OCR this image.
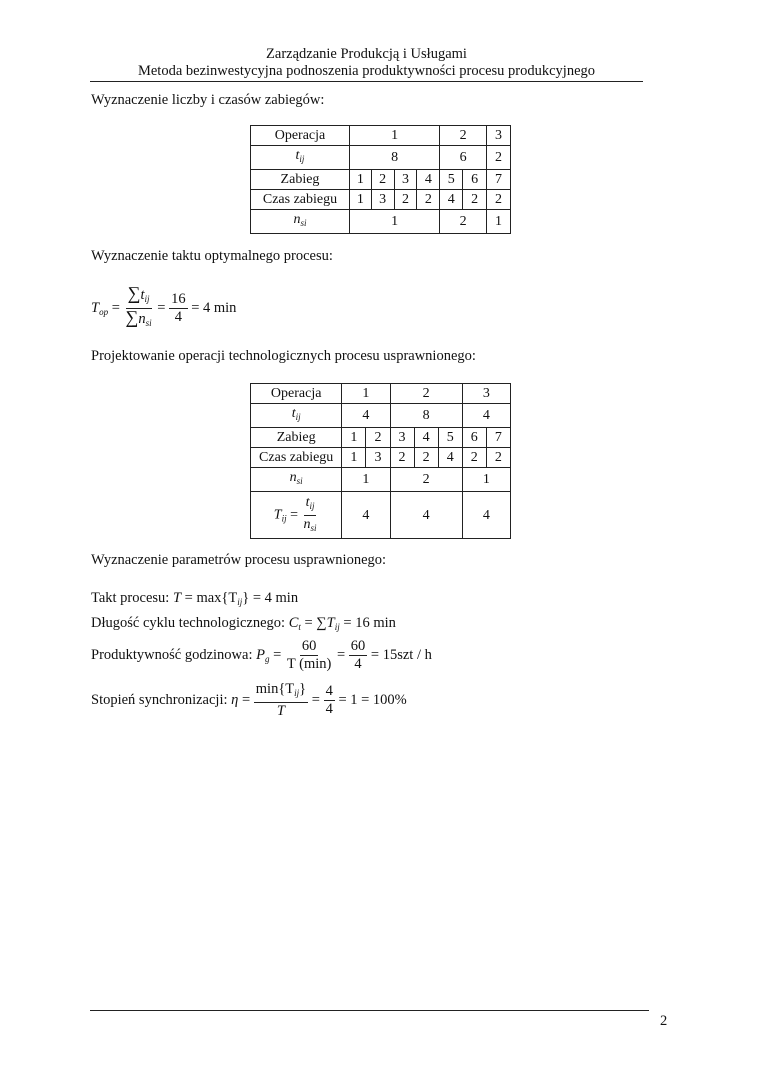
Zarządzanie Produkcją i Usługami
Metoda bezinwestycyjna podnoszenia produktywności procesu produkcyjnego
Wyznaczenie liczby i czasów zabiegów:
Operacja	1				2		3
$t_{ij}$	8				6		2
Zabieg	1	2	3	4	5	6	7
Czas zabiegu	1	3	2	2	4	2	2
$n_{si}$	1				2		1
Wyznaczenie taktu optymalnego procesu:
$T_{op} = \frac{\sum t_{ij}}{\sum n_{si}} = \frac{16}{4} = 4$ min
Projektowanie operacji technologicznych procesu usprawnionego:
Operacja	1		2			3	
$t_{ij}$	4		8			4	
Zabieg	1	2	3	4	5	6	7
Czas zabiegu	1	3	2	2	4	2	2
$n_{si}$	1		2			1	
$T_{ij} = \frac{t_{ij}}{n_{si}}$	4		4			4	
Wyznaczenie parametrów procesu usprawnionego:
Takt procesu: $T = \max\{T_{ij}\} = 4$ min
Długość cyklu technologicznego: $C_t = \sum T_{ij} = 16$ min
Produktywność godzinowa: $P_g = \frac{60}{T (\min)} = \frac{60}{4} = 15szt / h$
Stopień synchronizacji: $\eta = \frac{\min\{T_{ij}\}}{T} = \frac{4}{4} = 1 = 100\%$
2
